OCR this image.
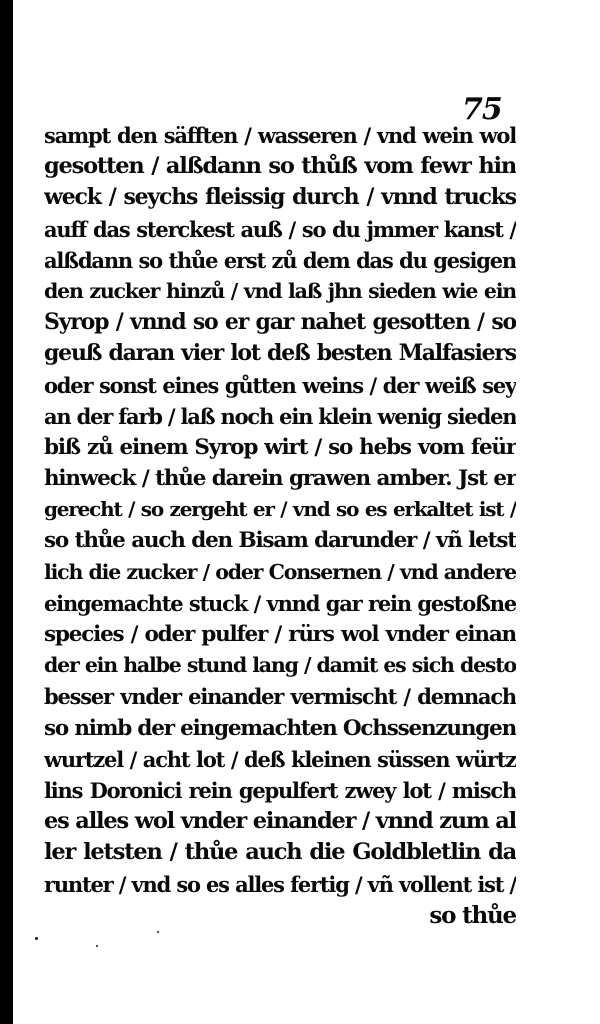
75
sampt den säfften / wasseren / vnd wein wol
gesotten / alßdann so thůß vom fewr hin
weck / seychs fleissig durch / vnnd trucks
auff das sterckest auß / so du jmmer kanst /
alßdann so thůe erst zů dem das du gesigen
den zucker hinzů / vnd laß jhn sieden wie ein
Syrop / vnnd so er gar nahet gesotten / so
geuß daran vier lot deß besten Malfasiers
oder sonst eines gůtten weins / der weiß sey
an der farb / laß noch ein klein wenig sieden
biß zů einem Syrop wirt / so hebs vom feür
hinweck / thůe darein grawen amber. Jst er
gerecht / so zergeht er / vnd so es erkaltet ist /
so thůe auch den Bisam darunder / vñ letst
lich die zucker / oder Consernen / vnd andere
eingemachte stuck / vnnd gar rein gestoßne
species / oder pulfer / rürs wol vnder einan
der ein halbe stund lang / damit es sich desto
besser vnder einander vermischt / demnach
so nimb der eingemachten Ochssenzungen
wurtzel / acht lot / deß kleinen süssen würtz
lins Doronici rein gepulfert zwey lot / misch
es alles wol vnder einander / vnnd zum al
ler letsten / thůe auch die Goldbletlin da
runter / vnd so es alles fertig / vñ vollent ist /
so thůe
